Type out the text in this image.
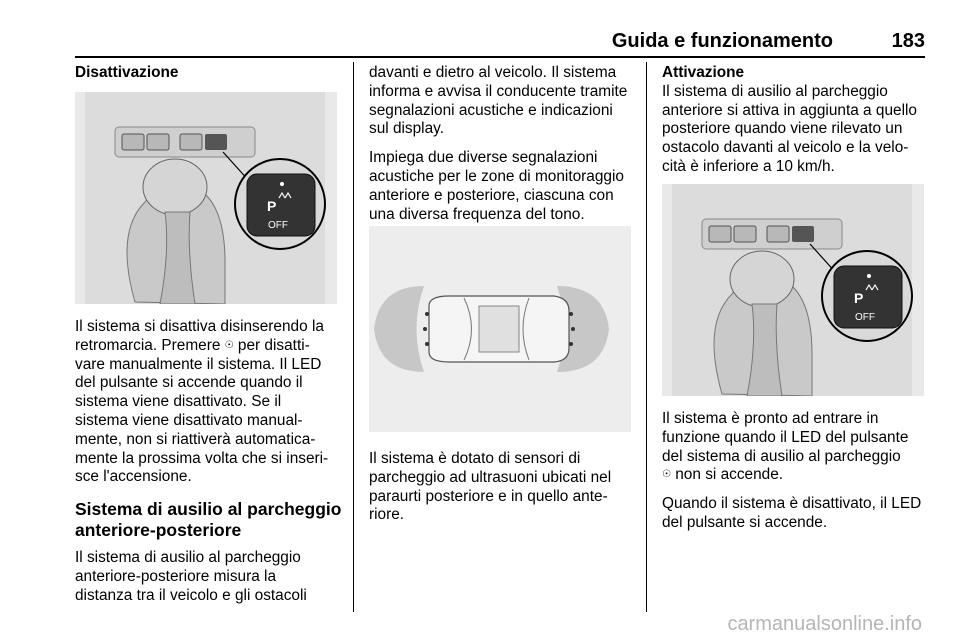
Guida e funzionamento	183

Disattivazione

P
OFF

Il sistema si disattiva disinserendo la
retromarcia. Premere ☉ per disatti-
vare manualmente il sistema. Il LED
del pulsante si accende quando il
sistema viene disattivato. Se il
sistema viene disattivato manual-
mente, non si riattiverà automatica-
mente la prossima volta che si inseri-
sce l'accensione.

Sistema di ausilio al parcheggio
anteriore-posteriore

Il sistema di ausilio al parcheggio
anteriore-posteriore misura la
distanza tra il veicolo e gli ostacoli

davanti e dietro al veicolo. Il sistema
informa e avvisa il conducente tramite
segnalazioni acustiche e indicazioni
sul display.

Impiega due diverse segnalazioni
acustiche per le zone di monitoraggio
anteriore e posteriore, ciascuna con
una diversa frequenza del tono.

Il sistema è dotato di sensori di
parcheggio ad ultrasuoni ubicati nel
paraurti posteriore e in quello ante-
riore.

Attivazione

Il sistema di ausilio al parcheggio
anteriore si attiva in aggiunta a quello
posteriore quando viene rilevato un
ostacolo davanti al veicolo e la velo-
cità è inferiore a 10 km/h.

P
OFF

Il sistema è pronto ad entrare in
funzione quando il LED del pulsante
del sistema di ausilio al parcheggio
☉ non si accende.

Quando il sistema è disattivato, il LED
del pulsante si accende.

carmanualsonline.info
